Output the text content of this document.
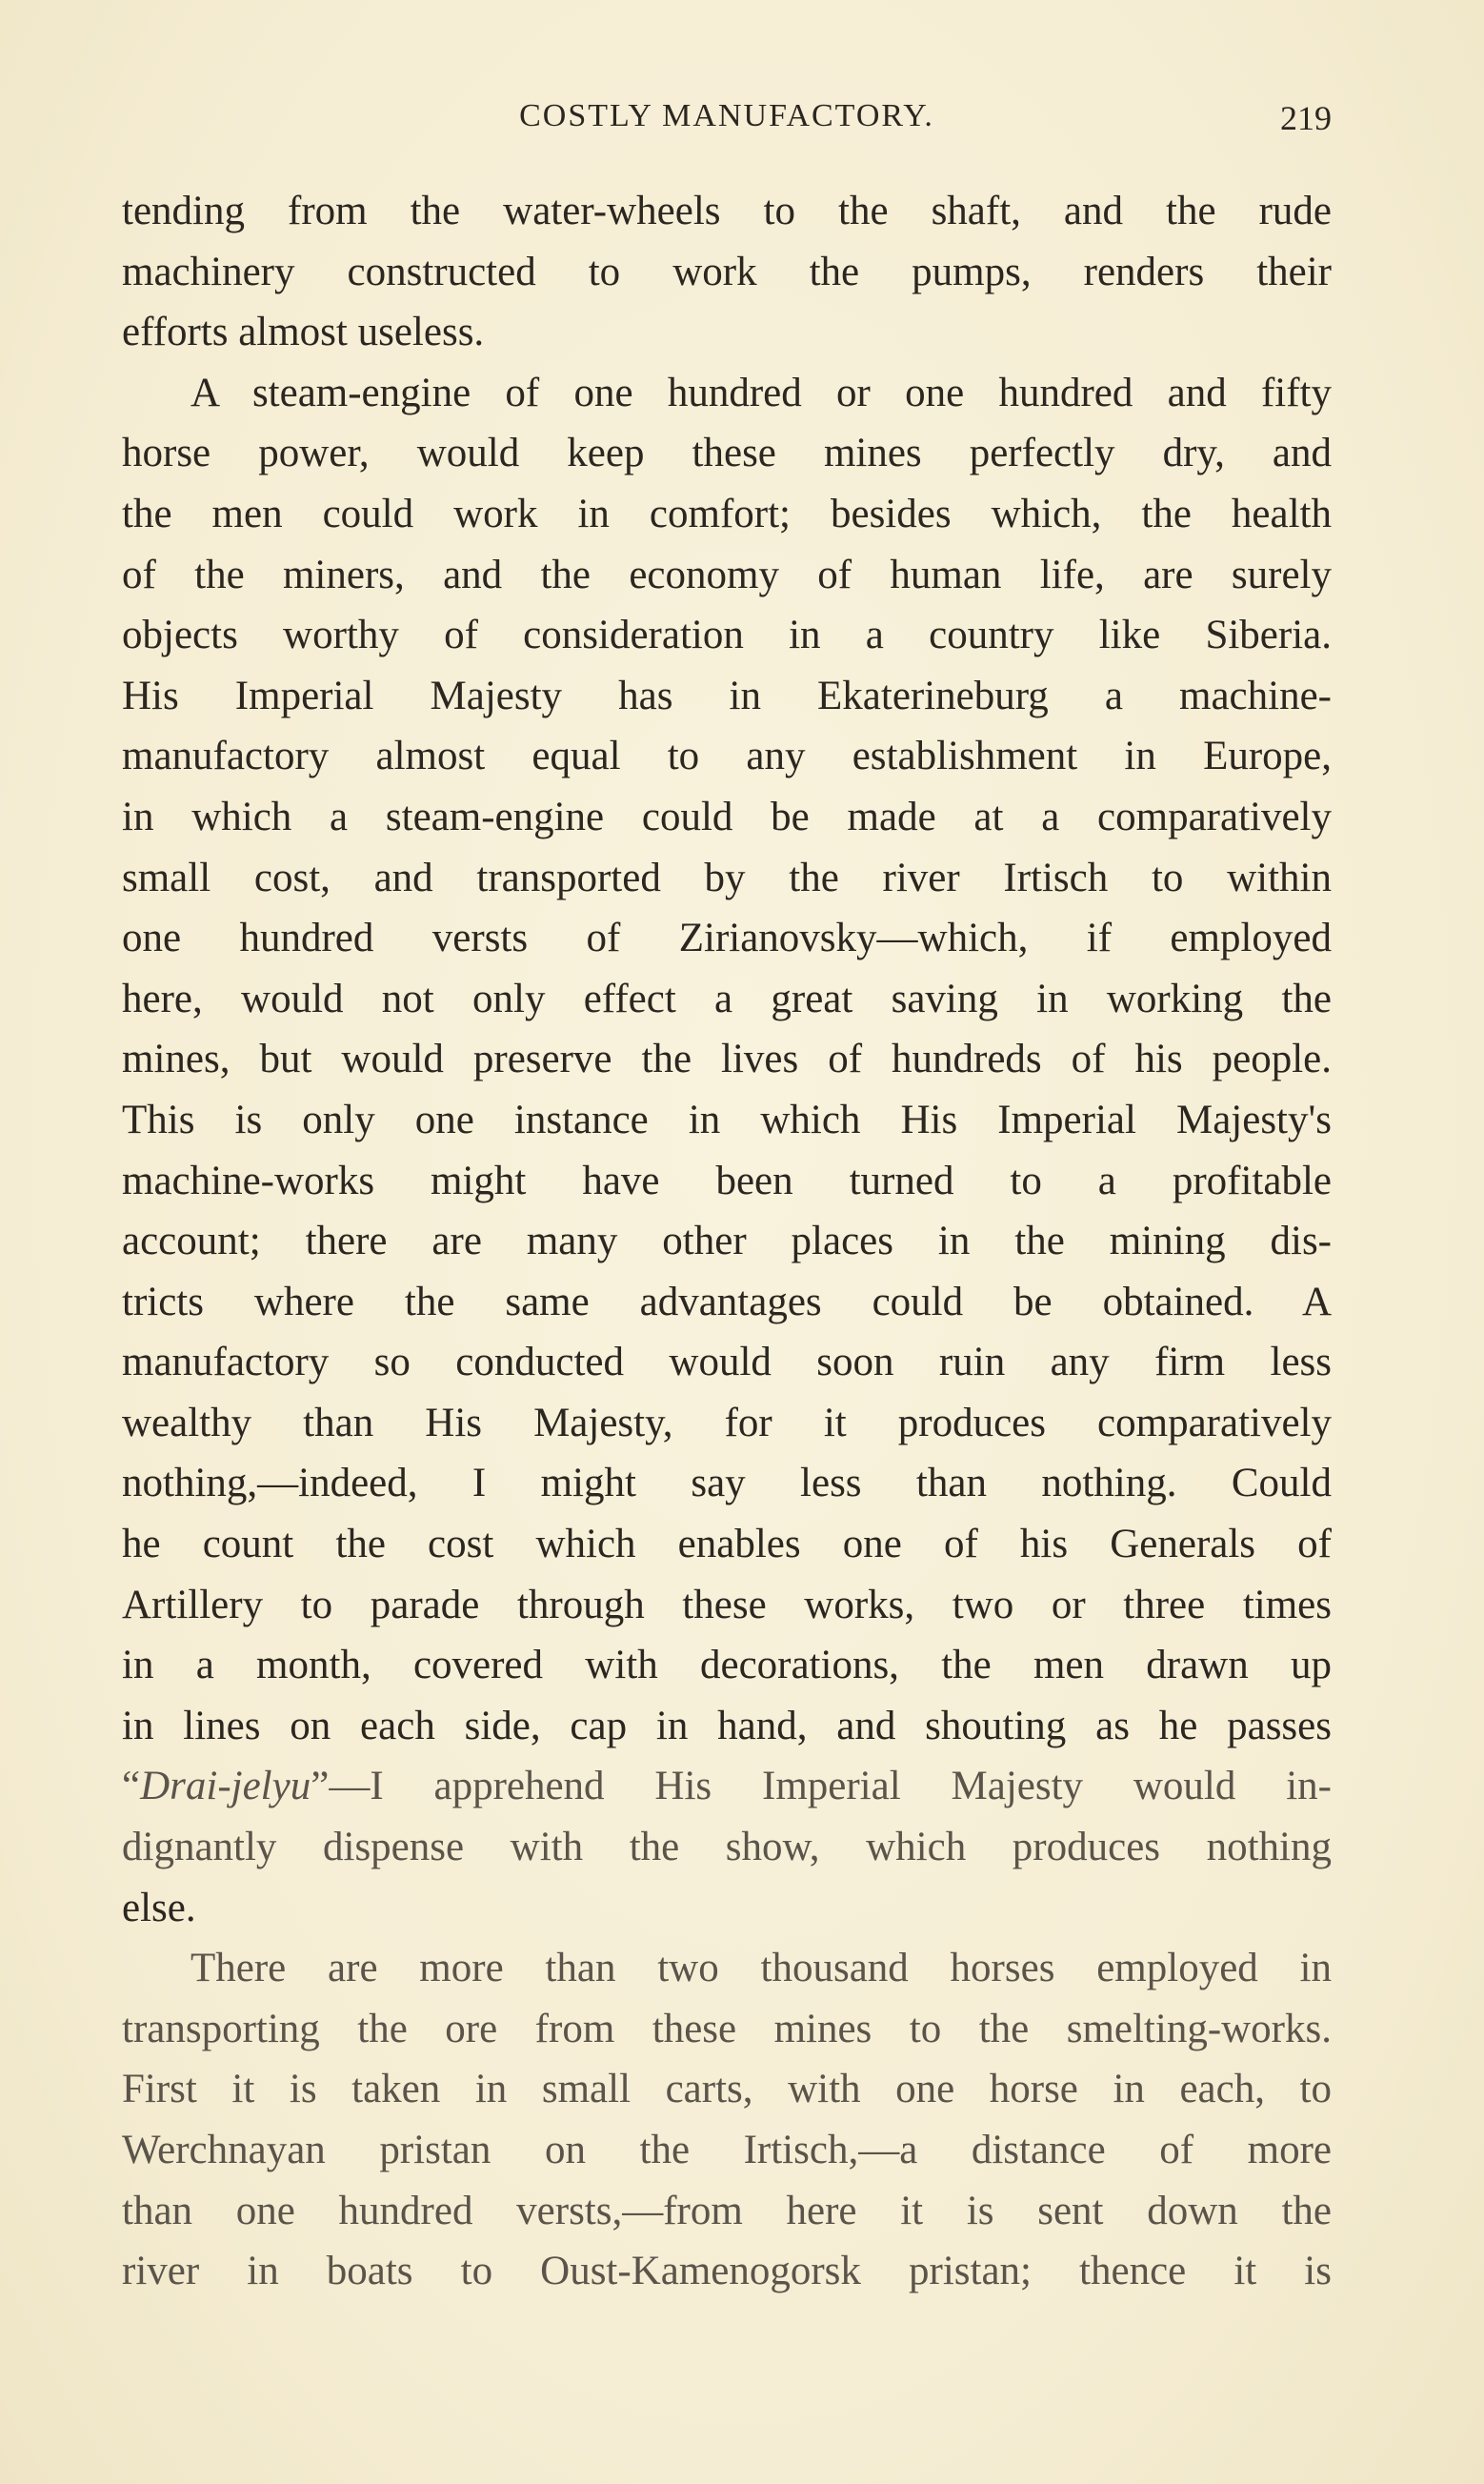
COSTLY MANUFACTORY.	219
tending from the water-wheels to the shaft, and the rude
machinery constructed to work the pumps, renders their
efforts almost useless.
A steam-engine of one hundred or one hundred and fifty
horse power, would keep these mines perfectly dry, and
the men could work in comfort; besides which, the health
of the miners, and the economy of human life, are surely
objects worthy of consideration in a country like Siberia.
His Imperial Majesty has in Ekaterineburg a machine-
manufactory almost equal to any establishment in Europe,
in which a steam-engine could be made at a comparatively
small cost, and transported by the river Irtisch to within
one hundred versts of Zirianovsky—which, if employed
here, would not only effect a great saving in working the
mines, but would preserve the lives of hundreds of his people.
This is only one instance in which His Imperial Majesty's
machine-works might have been turned to a profitable
account; there are many other places in the mining dis-
tricts where the same advantages could be obtained. A
manufactory so conducted would soon ruin any firm less
wealthy than His Majesty, for it produces comparatively
nothing,—indeed, I might say less than nothing. Could
he count the cost which enables one of his Generals of
Artillery to parade through these works, two or three times
in a month, covered with decorations, the men drawn up
in lines on each side, cap in hand, and shouting as he passes
“Drai-jelyu”—I apprehend His Imperial Majesty would in-
dignantly dispense with the show, which produces nothing
else.
There are more than two thousand horses employed in
transporting the ore from these mines to the smelting-works.
First it is taken in small carts, with one horse in each, to
Werchnayan pristan on the Irtisch,—a distance of more
than one hundred versts,—from here it is sent down the
river in boats to Oust-Kamenogorsk pristan; thence it is
